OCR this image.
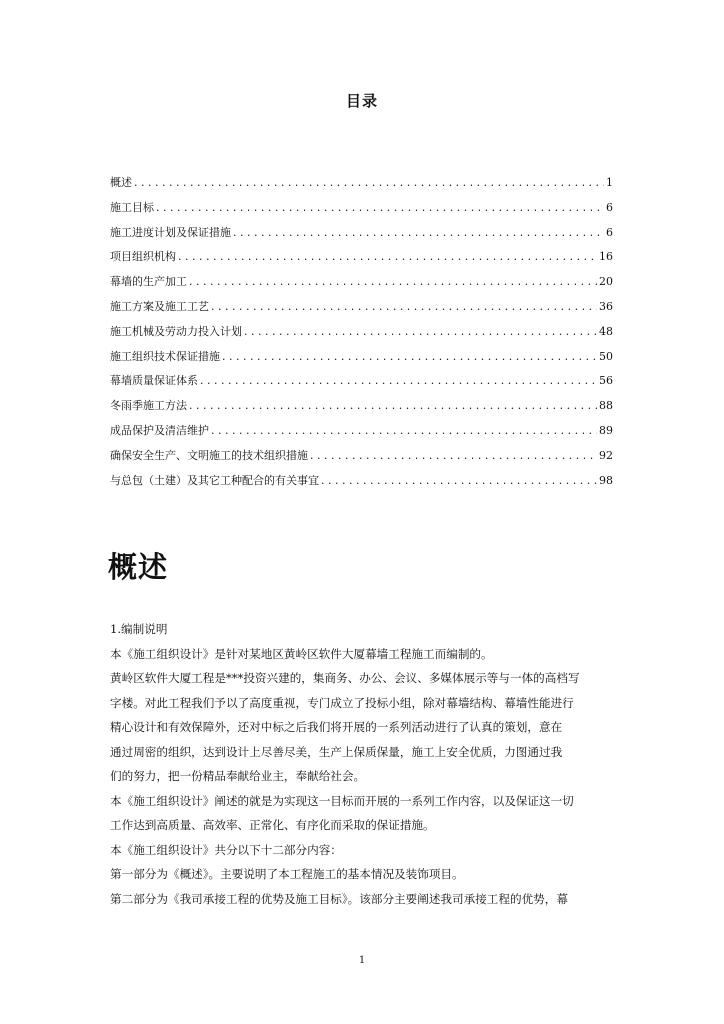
目录
概述 . . .	1
施工目标 . . .	6
施工进度计划及保证措施 . . .	6
项目组织机构 . . .	16
幕墙的生产加工 . . .	20
施工方案及施工工艺 . . .	36
施工机械及劳动力投入计划 . . .	48
施工组织技术保证措施 . . .	50
幕墙质量保证体系 . . .	56
冬雨季施工方法 . . .	88
成品保护及清洁维护 . . .	89
确保安全生产、文明施工的技术组织措施 . . .	92
与总包（土建）及其它工种配合的有关事宜 . . .	98
概述

1.编制说明

本《施工组织设计》是针对某地区黄岭区软件大厦幕墙工程施工而编制的。

黄岭区软件大厦工程是***投资兴建的，集商务、办公、会议、多媒体展示等与一体的高档写

字楼。对此工程我们予以了高度重视，专门成立了投标小组，除对幕墙结构、幕墙性能进行

精心设计和有效保障外，还对中标之后我们将开展的一系列活动进行了认真的策划，意在

通过周密的组织，达到设计上尽善尽美，生产上保质保量，施工上安全优质，力图通过我

们的努力，把一份精品奉献给业主，奉献给社会。

本《施工组织设计》阐述的就是为实现这一目标而开展的一系列工作内容，以及保证这一切

工作达到高质量、高效率、正常化、有序化而采取的保证措施。

本《施工组织设计》共分以下十二部分内容：

第一部分为《概述》。主要说明了本工程施工的基本情况及装饰项目。

第二部分为《我司承接工程的优势及施工目标》。该部分主要阐述我司承接工程的优势，幕

1
